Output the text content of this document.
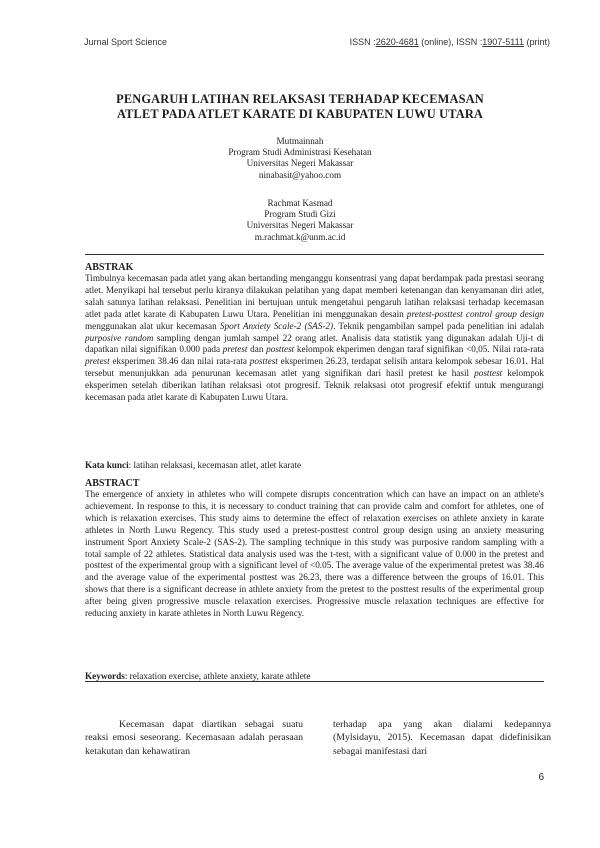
Jurnal Sport Science	ISSN :2620-4681 (online), ISSN :1907-5111 (print)
PENGARUH LATIHAN RELAKSASI TERHADAP KECEMASAN
ATLET PADA ATLET KARATE DI KABUPATEN LUWU UTARA
Mutmainnah
Program Studi Administrasi Kesehatan
Universitas Negeri Makassar
ninabasit@yahoo.com
Rachmat Kasmad
Program Studi Gizi
Universitas Negeri Makassar
m.rachmat.k@unm.ac.id
ABSTRAK

Timbulnya kecemasan pada atlet yang akan bertanding menganggu konsentrasi yang dapat berdampak pada prestasi seorang atlet. Menyikapi hal tersebut perlu kiranya dilakukan pelatihan yang dapat memberi ketenangan dan kenyamanan diri atlet, salah satunya latihan relaksasi. Penelitian ini bertujuan untuk mengetahui pengaruh latihan relaksasi terhadap kecemasan atlet pada atlet karate di Kabupaten Luwu Utara. Penelitian ini menggunakan desain pretest-posttest control group design menggunakan alat ukur kecemasan Sport Anxiety Scale-2 (SAS-2). Teknik pengambilan sampel pada penelitian ini adalah purposive random sampling dengan jumlah sampel 22 orang atlet. Analisis data statistik yang digunakan adalah Uji-t di dapatkan nilai signifikan 0.000 pada pretest dan posttest kelompok ekperimen dengan taraf signifikan <0,05. Nilai rata-rata pretest eksperimen 38.46 dan nilai rata-rata posttest eksperimen 26.23, terdapat selisih antara kelompok sebesar 16.01. Hal tersebut menunjukkan ada penurunan kecemasan atlet yang signifikan dari hasil pretest ke hasil posttest kelompok eksperimen setelah diberikan latihan relaksasi otot progresif. Teknik relaksasi otot progresif efektif untuk mengurangi kecemasan pada atlet karate di Kabupaten Luwu Utara.

Kata kunci: latihan relaksasi, kecemasan atlet, atlet karate

ABSTRACT

The emergence of anxiety in athletes who will compete disrupts concentration which can have an impact on an athlete's achievement. In response to this, it is necessary to conduct training that can provide calm and comfort for athletes, one of which is relaxation exercises. This study aims to determine the effect of relaxation exercises on athlete anxiety in karate athletes in North Luwu Regency. This study used a pretest-posttest control group design using an anxiety measuring instrument Sport Anxiety Scale-2 (SAS-2). The sampling technique in this study was purposive random sampling with a total sample of 22 athletes. Statistical data analysis used was the t-test, with a significant value of 0.000 in the pretest and posttest of the experimental group with a significant level of <0.05. The average value of the experimental pretest was 38.46 and the average value of the experimental posttest was 26.23, there was a difference between the groups of 16.01. This shows that there is a significant decrease in athlete anxiety from the pretest to the posttest results of the experimental group after being given progressive muscle relaxation exercises. Progressive muscle relaxation techniques are effective for reducing anxiety in karate athletes in North Luwu Regency.

Keywords: relaxation exercise, athlete anxiety, karate athlete

Kecemasan dapat diartikan sebagai suatu reaksi emosi seseorang. Kecemasaan adalah perasaan ketakutan dan kehawatiran
terhadap apa yang akan dialami kedepannya (Mylsidayu, 2015). Kecemasan dapat didefinisikan sebagai manifestasi dari
6
